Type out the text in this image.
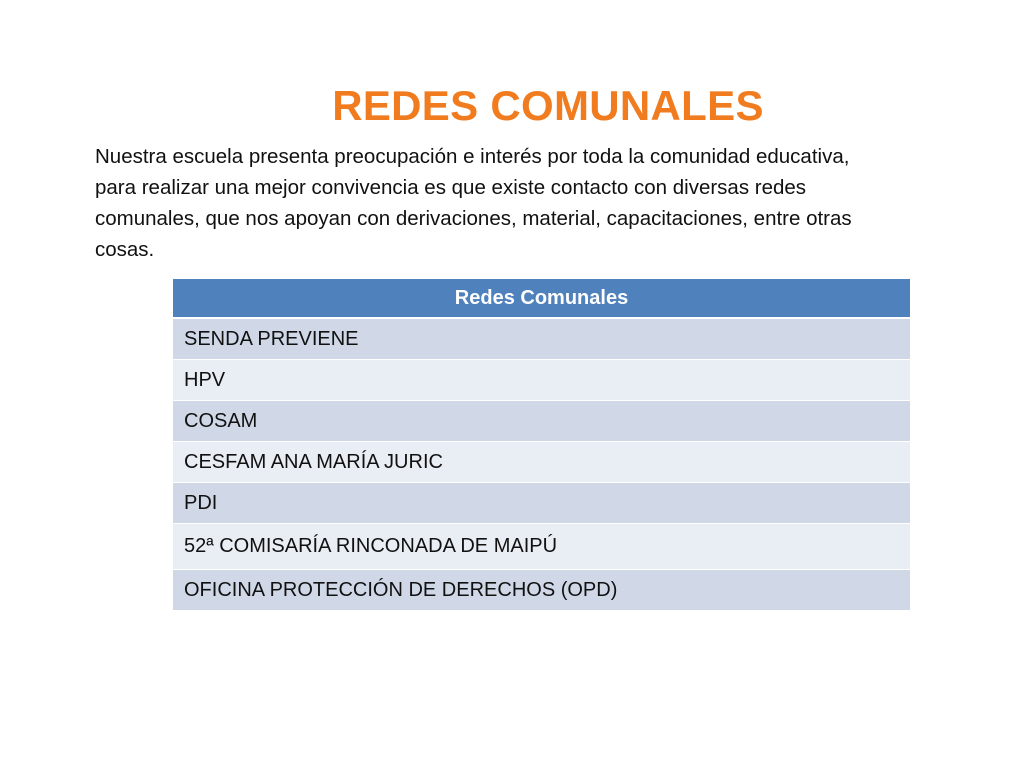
REDES COMUNALES
Nuestra escuela presenta preocupación e interés por toda la comunidad educativa, para realizar una mejor convivencia es que existe contacto con diversas redes comunales, que nos apoyan con derivaciones, material, capacitaciones, entre otras cosas.
Redes Comunales
SENDA PREVIENE
HPV
COSAM
CESFAM ANA MARÍA JURIC
PDI
52ª COMISARÍA RINCONADA DE MAIPÚ
OFICINA PROTECCIÓN DE DERECHOS (OPD)
